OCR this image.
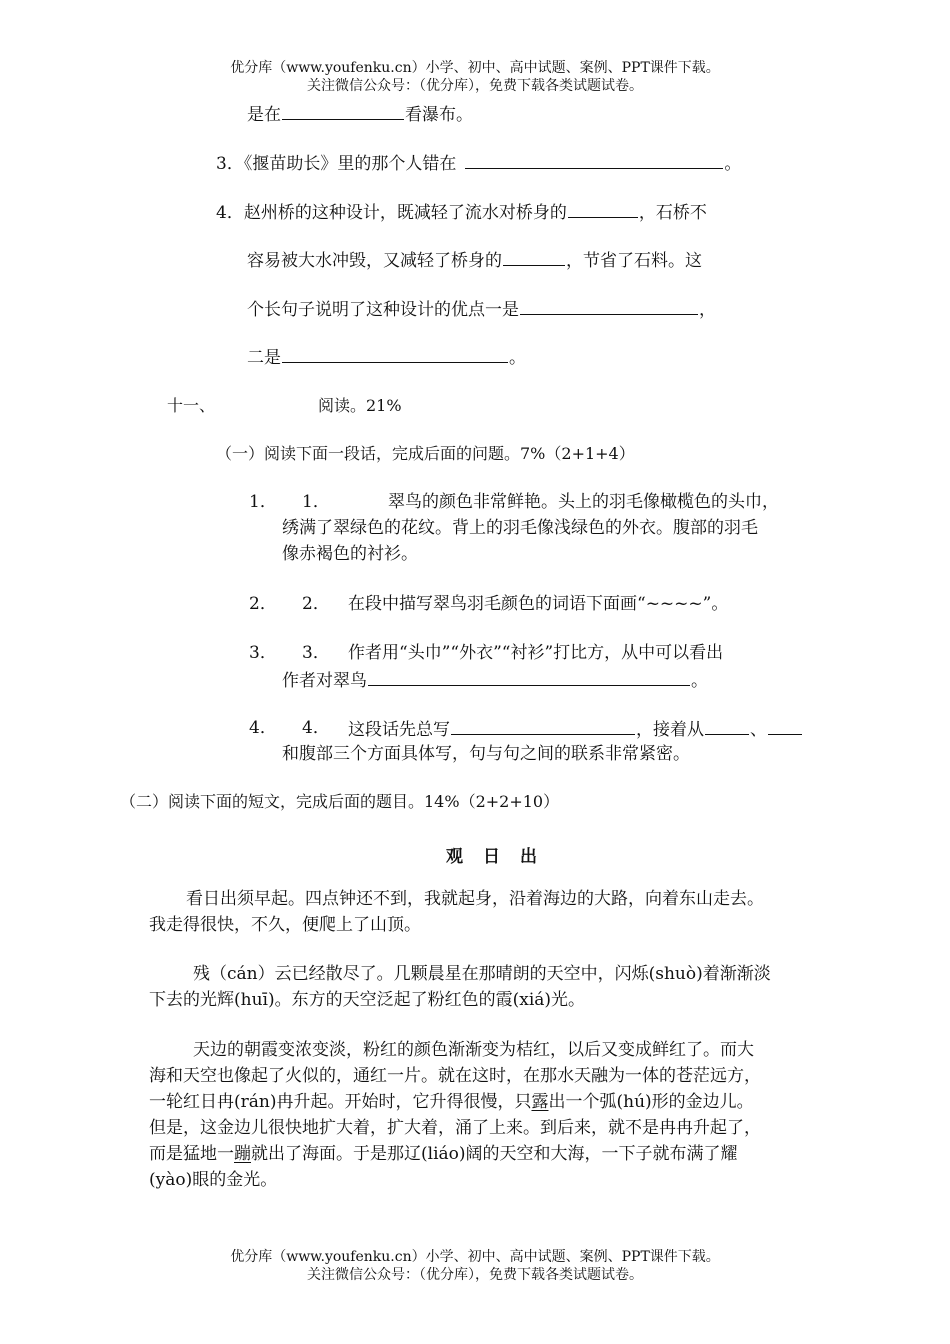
优分库（www.youfenku.cn）小学、初中、高中试题、案例、PPT课件下载。
关注微信公众号：（优分库），免费下载各类试题试卷。
是在	看瀑布。
3．《揠苗助长》里的那个人错在	。
4．赵州桥的这种设计，既减轻了流水对桥身的	，石桥不
容易被大水冲毁，又减轻了桥身的	，节省了石料。这
个长句子说明了这种设计的优点一是	，
二是	。
十一、	阅读。21%
（一）阅读下面一段话，完成后面的问题。7%（2+1+4）
1． 1．	翠鸟的颜色非常鲜艳。头上的羽毛像橄榄色的头巾，
绣满了翠绿色的花纹。背上的羽毛像浅绿色的外衣。腹部的羽毛
像赤褐色的衬衫。
2． 2． 在段中描写翠鸟羽毛颜色的词语下面画“~~~~”。
3． 3． 作者用“头巾”“外衣”“衬衫”打比方，从中可以看出
作者对翠鸟	。
4． 4． 这段话先总写	，接着从	、
和腹部三个方面具体写，句与句之间的联系非常紧密。
（二）阅读下面的短文，完成后面的题目。14%（2+2+10）
观日出
看日出须早起。四点钟还不到，我就起身，沿着海边的大路，向着东山走去。
我走得很快，不久，便爬上了山顶。
残（cán）云已经散尽了。几颗晨星在那晴朗的天空中，闪烁(shuò)着渐渐淡
下去的光辉(huī)。东方的天空泛起了粉红色的霞(xiá)光。
天边的朝霞变浓变淡，粉红的颜色渐渐变为桔红，以后又变成鲜红了。而大
海和天空也像起了火似的，通红一片。就在这时，在那水天融为一体的苍茫远方，
一轮红日冉(rán)冉升起。开始时，它升得很慢，只露出一个弧(hú)形的金边儿。
但是，这金边儿很快地扩大着，扩大着，涌了上来。到后来，就不是冉冉升起了，
而是猛地一蹦就出了海面。于是那辽(liáo)阔的天空和大海，一下子就布满了耀
(yào)眼的金光。
优分库（www.youfenku.cn）小学、初中、高中试题、案例、PPT课件下载。
关注微信公众号：（优分库），免费下载各类试题试卷。
